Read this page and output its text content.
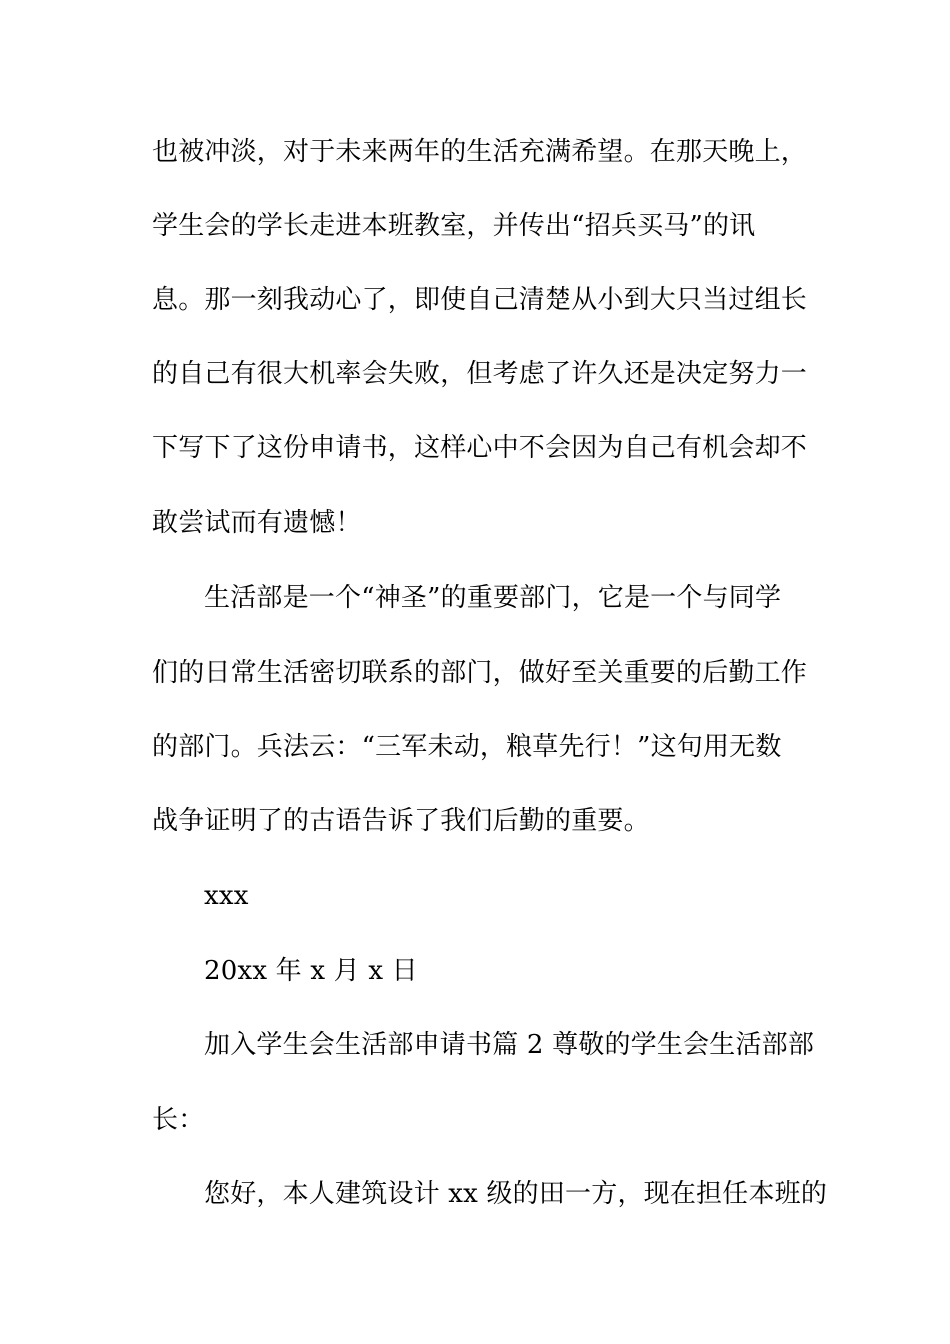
也被冲淡，对于未来两年的生活充满希望。在那天晚上，
学生会的学长走进本班教室，并传出“招兵买马”的讯
息。那一刻我动心了，即使自己清楚从小到大只当过组长
的自己有很大机率会失败，但考虑了许久还是决定努力一
下写下了这份申请书，这样心中不会因为自己有机会却不
敢尝试而有遗憾！
生活部是一个“神圣”的重要部门，它是一个与同学
们的日常生活密切联系的部门，做好至关重要的后勤工作
的部门。兵法云：“三军未动，粮草先行！”这句用无数
战争证明了的古语告诉了我们后勤的重要。
xxx
20xx 年 x 月 x 日
加入学生会生活部申请书篇 2 尊敬的学生会生活部部
长：
您好，本人建筑设计 xx 级的田一方，现在担任本班的
